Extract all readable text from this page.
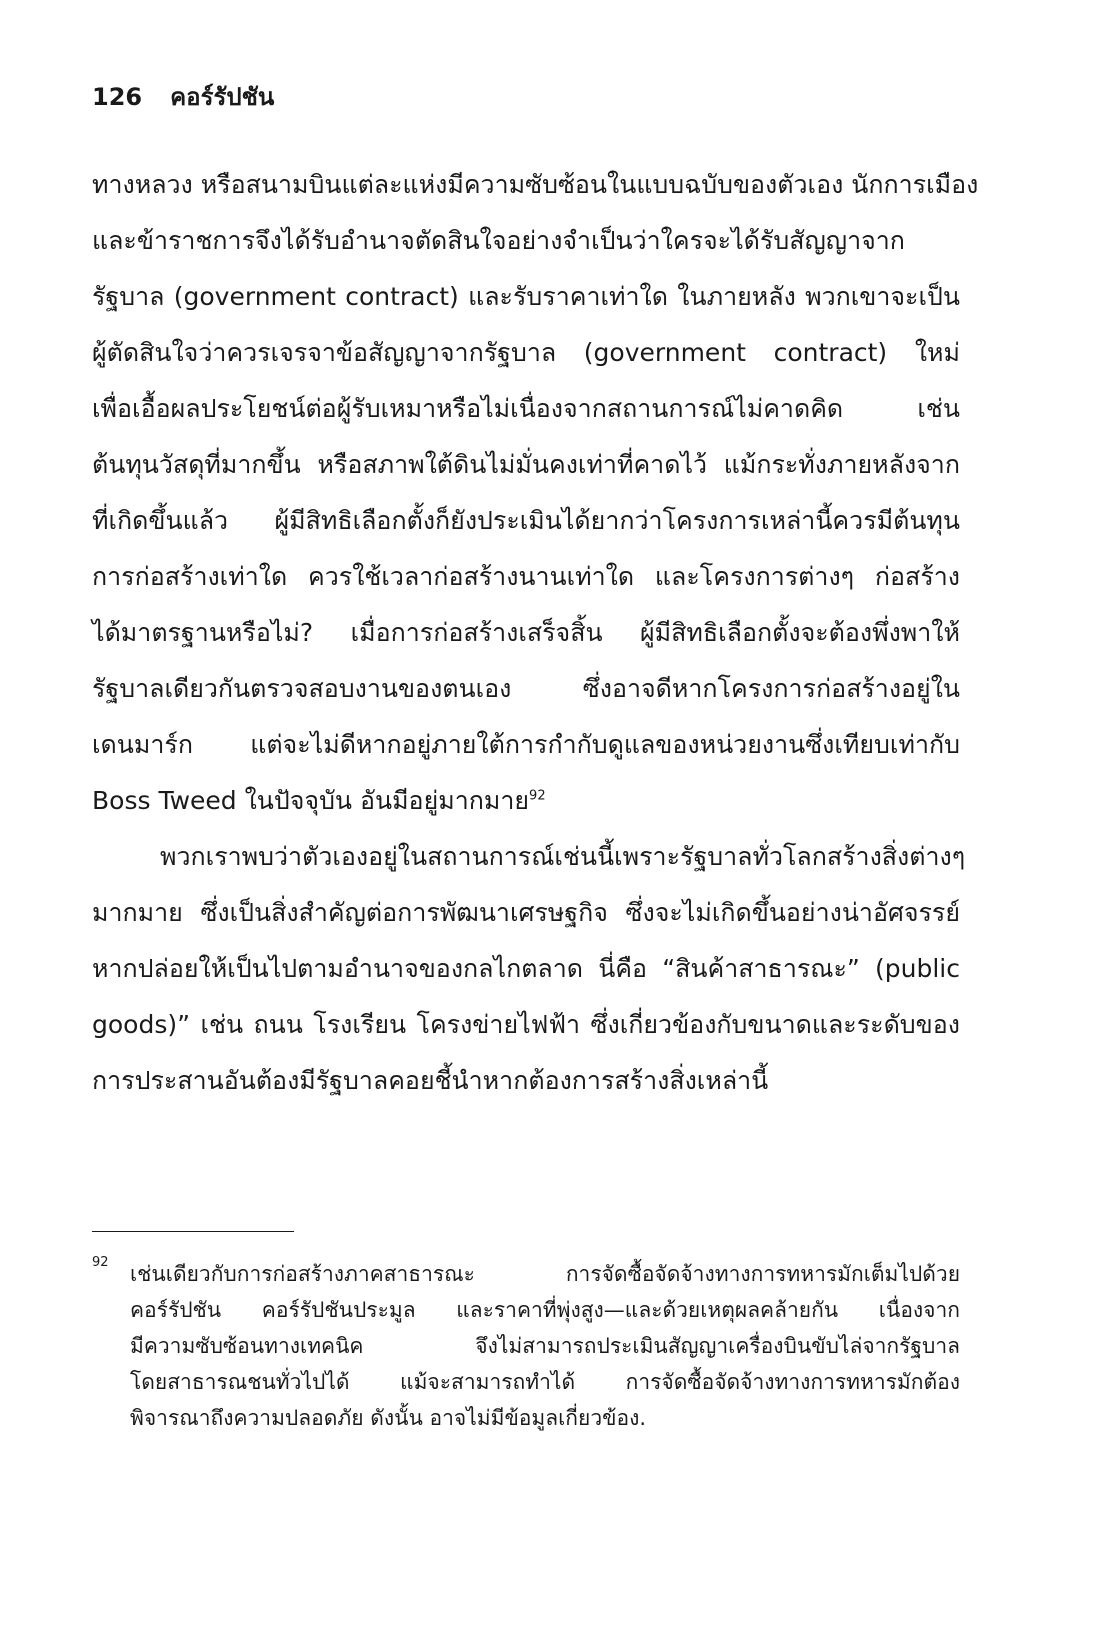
126 คอร์รัปชัน
ทางหลวง หรือสนามบินแต่ละแห่งมีความซับซ้อนในแบบฉบับของตัวเอง นักการเมือง
และข้าราชการจึงได้รับอำนาจตัดสินใจอย่างจำเป็นว่าใครจะได้รับสัญญาจาก
รัฐบาล (government contract) และรับราคาเท่าใด ในภายหลัง พวกเขาจะเป็น
ผู้ตัดสินใจว่าควรเจรจาข้อสัญญาจากรัฐบาล (government contract) ใหม่
เพื่อเอื้อผลประโยชน์ต่อผู้รับเหมาหรือไม่เนื่องจากสถานการณ์ไม่คาดคิด เช่น
ต้นทุนวัสดุที่มากขึ้น หรือสภาพใต้ดินไม่มั่นคงเท่าที่คาดไว้ แม้กระทั่งภายหลังจาก
ที่เกิดขึ้นแล้ว ผู้มีสิทธิเลือกตั้งก็ยังประเมินได้ยากว่าโครงการเหล่านี้ควรมีต้นทุน
การก่อสร้างเท่าใด ควรใช้เวลาก่อสร้างนานเท่าใด และโครงการต่างๆ ก่อสร้าง
ได้มาตรฐานหรือไม่? เมื่อการก่อสร้างเสร็จสิ้น ผู้มีสิทธิเลือกตั้งจะต้องพึ่งพาให้
รัฐบาลเดียวกันตรวจสอบงานของตนเอง ซึ่งอาจดีหากโครงการก่อสร้างอยู่ใน
เดนมาร์ก แต่จะไม่ดีหากอยู่ภายใต้การกำกับดูแลของหน่วยงานซึ่งเทียบเท่ากับ
Boss Tweed ในปัจจุบัน อันมีอยู่มากมาย$^{92}$
พวกเราพบว่าตัวเองอยู่ในสถานการณ์เช่นนี้เพราะรัฐบาลทั่วโลกสร้างสิ่งต่างๆ
มากมาย ซึ่งเป็นสิ่งสำคัญต่อการพัฒนาเศรษฐกิจ ซึ่งจะไม่เกิดขึ้นอย่างน่าอัศจรรย์
หากปล่อยให้เป็นไปตามอำนาจของกลไกตลาด นี่คือ “สินค้าสาธารณะ” (public
goods)” เช่น ถนน โรงเรียน โครงข่ายไฟฟ้า ซึ่งเกี่ยวข้องกับขนาดและระดับของ
การประสานอันต้องมีรัฐบาลคอยชี้นำหากต้องการสร้างสิ่งเหล่านี้
92 เช่นเดียวกับการก่อสร้างภาคสาธารณะ การจัดซื้อจัดจ้างทางการทหารมักเต็มไปด้วย
คอร์รัปชัน คอร์รัปชันประมูล และราคาที่พุ่งสูง—และด้วยเหตุผลคล้ายกัน เนื่องจาก
มีความซับซ้อนทางเทคนิค จึงไม่สามารถประเมินสัญญาเครื่องบินขับไล่จากรัฐบาล
โดยสาธารณชนทั่วไปได้ แม้จะสามารถทำได้ การจัดซื้อจัดจ้างทางการทหารมักต้อง
พิจารณาถึงความปลอดภัย ดังนั้น อาจไม่มีข้อมูลเกี่ยวข้อง.
